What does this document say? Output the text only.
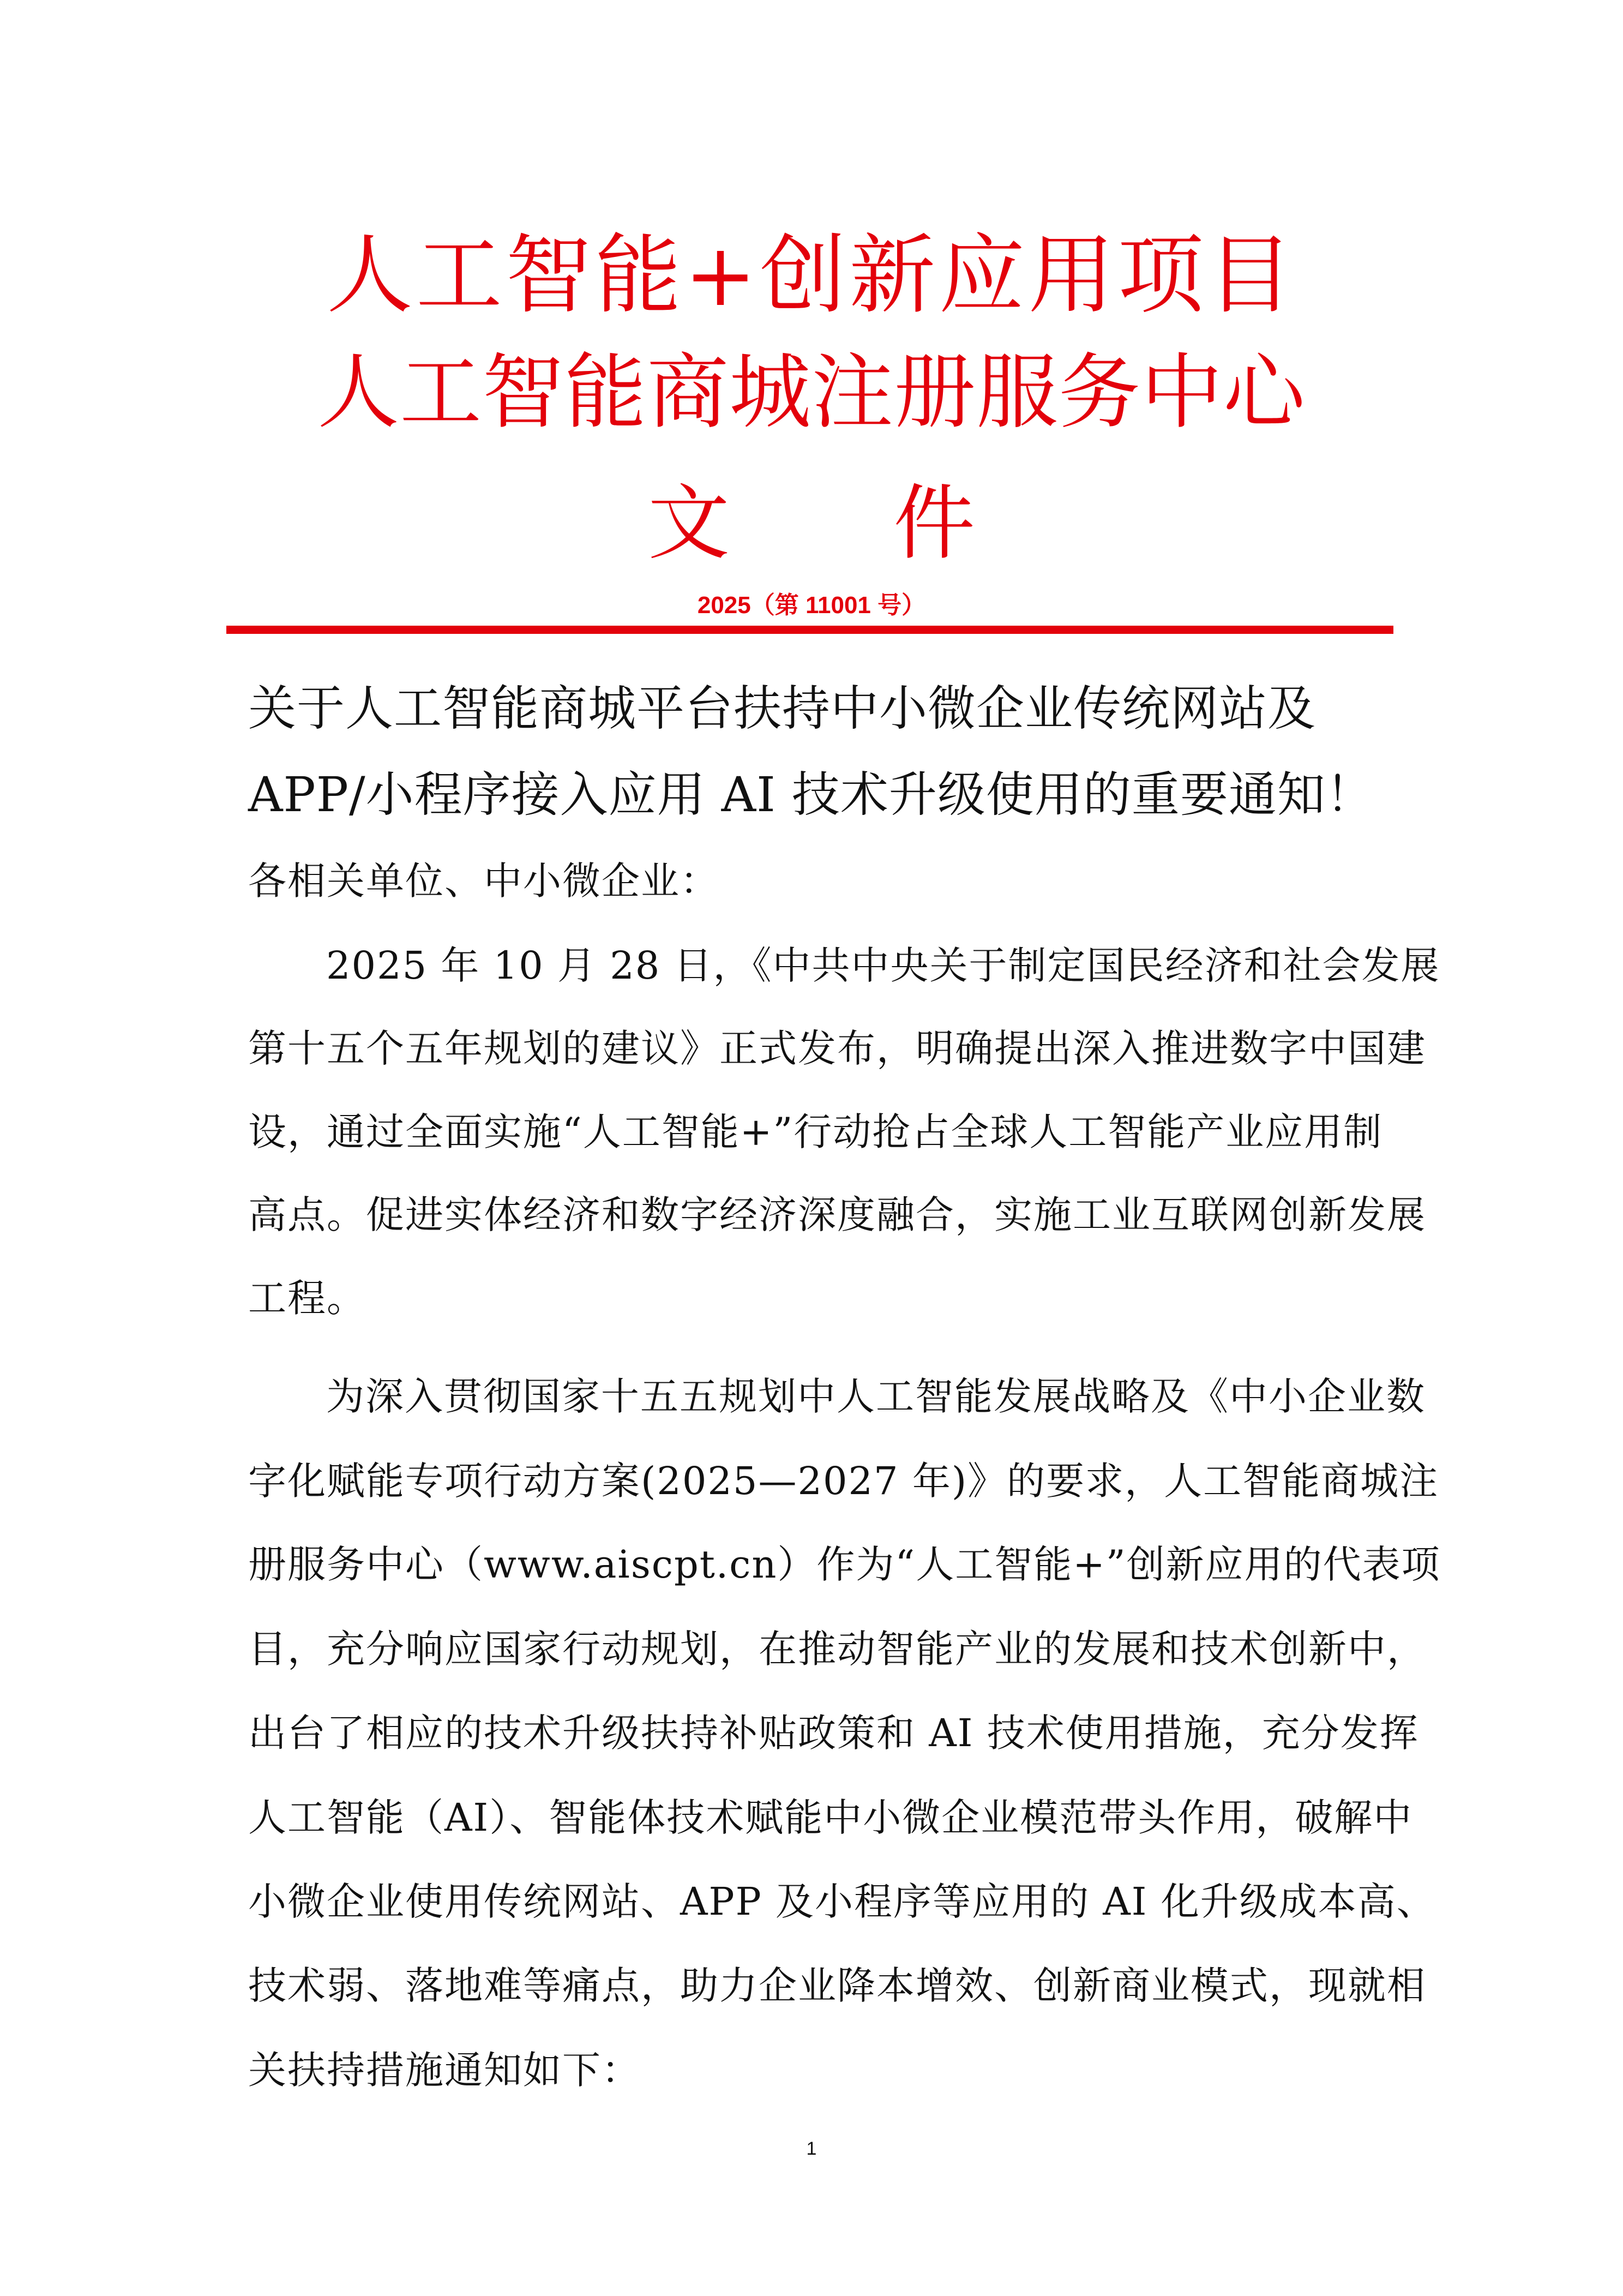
人工智能+创新应用项目
人工智能商城注册服务中心
文 件
2025（第 11001 号）
关于人工智能商城平台扶持中小微企业传统网站及
APP/小程序接入应用 AI 技术升级使用的重要通知！
各相关单位、中小微企业：
2025 年 10 月 28 日，《中共中央关于制定国民经济和社会发展
第十五个五年规划的建议》正式发布，明确提出深入推进数字中国建
设，通过全面实施“人工智能+”行动抢占全球人工智能产业应用制
高点。促进实体经济和数字经济深度融合，实施工业互联网创新发展
工程。
为深入贯彻国家十五五规划中人工智能发展战略及《中小企业数
字化赋能专项行动方案(2025—2027 年)》的要求，人工智能商城注
册服务中心（www.aiscpt.cn）作为“人工智能+”创新应用的代表项
目，充分响应国家行动规划，在推动智能产业的发展和技术创新中，
出台了相应的技术升级扶持补贴政策和 AI 技术使用措施，充分发挥
人工智能（AI）、智能体技术赋能中小微企业模范带头作用，破解中
小微企业使用传统网站、APP 及小程序等应用的 AI 化升级成本高、
技术弱、落地难等痛点，助力企业降本增效、创新商业模式，现就相
关扶持措施通知如下：
1
